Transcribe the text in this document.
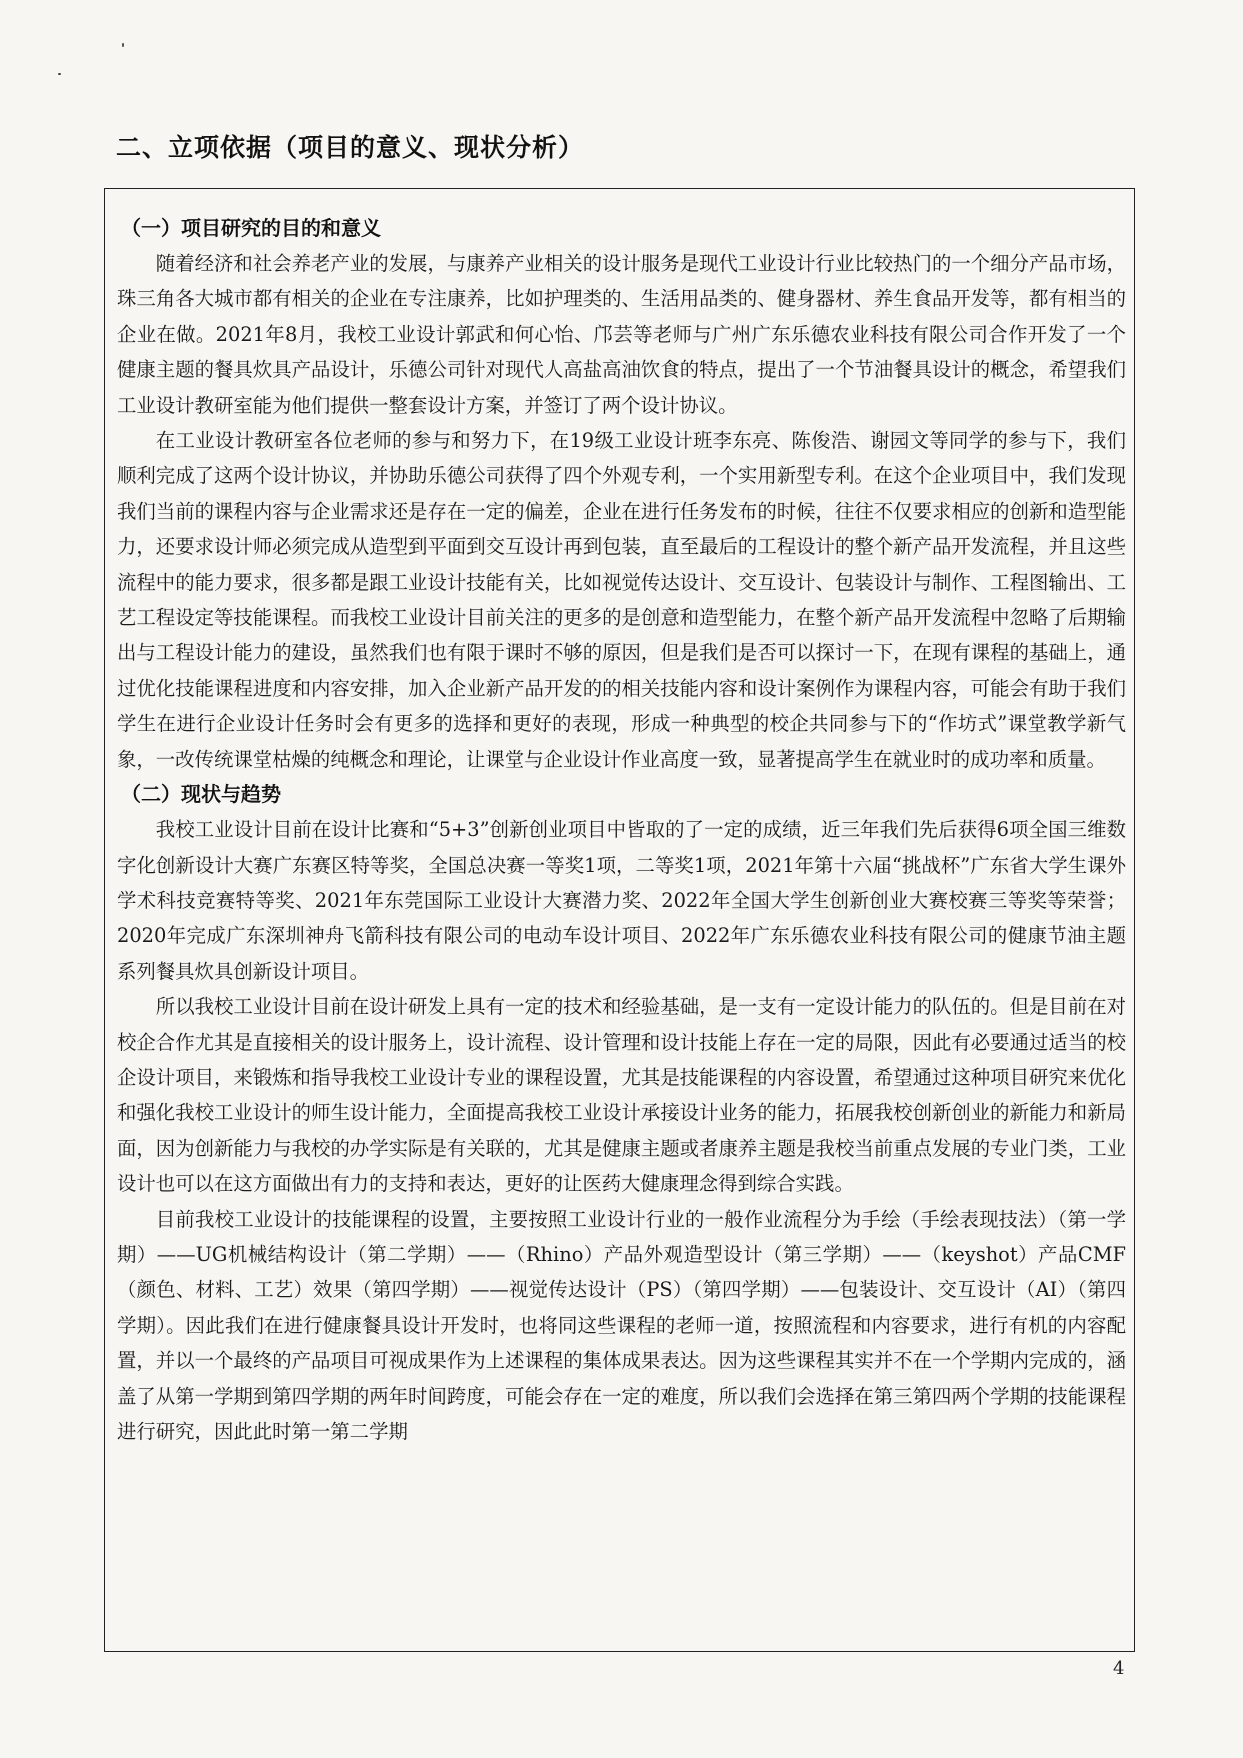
二、立项依据（项目的意义、现状分析）
（一）项目研究的目的和意义

随着经济和社会养老产业的发展，与康养产业相关的设计服务是现代工业设计行业比较热门的一个细分产品市场，珠三角各大城市都有相关的企业在专注康养，比如护理类的、生活用品类的、健身器材、养生食品开发等，都有相当的企业在做。2021年8月，我校工业设计郭武和何心怡、邝芸等老师与广州广东乐德农业科技有限公司合作开发了一个健康主题的餐具炊具产品设计，乐德公司针对现代人高盐高油饮食的特点，提出了一个节油餐具设计的概念，希望我们工业设计教研室能为他们提供一整套设计方案，并签订了两个设计协议。

在工业设计教研室各位老师的参与和努力下，在19级工业设计班李东亮、陈俊浩、谢园文等同学的参与下，我们顺利完成了这两个设计协议，并协助乐德公司获得了四个外观专利，一个实用新型专利。在这个企业项目中，我们发现我们当前的课程内容与企业需求还是存在一定的偏差，企业在进行任务发布的时候，往往不仅要求相应的创新和造型能力，还要求设计师必须完成从造型到平面到交互设计再到包装，直至最后的工程设计的整个新产品开发流程，并且这些流程中的能力要求，很多都是跟工业设计技能有关，比如视觉传达设计、交互设计、包装设计与制作、工程图输出、工艺工程设定等技能课程。而我校工业设计目前关注的更多的是创意和造型能力，在整个新产品开发流程中忽略了后期输出与工程设计能力的建设，虽然我们也有限于课时不够的原因，但是我们是否可以探讨一下，在现有课程的基础上，通过优化技能课程进度和内容安排，加入企业新产品开发的的相关技能内容和设计案例作为课程内容，可能会有助于我们学生在进行企业设计任务时会有更多的选择和更好的表现，形成一种典型的校企共同参与下的“作坊式”课堂教学新气象，一改传统课堂枯燥的纯概念和理论，让课堂与企业设计作业高度一致，显著提高学生在就业时的成功率和质量。

（二）现状与趋势

我校工业设计目前在设计比赛和“5+3”创新创业项目中皆取的了一定的成绩，近三年我们先后获得6项全国三维数字化创新设计大赛广东赛区特等奖，全国总决赛一等奖1项，二等奖1项，2021年第十六届“挑战杯”广东省大学生课外学术科技竞赛特等奖、2021年东莞国际工业设计大赛潜力奖、2022年全国大学生创新创业大赛校赛三等奖等荣誉；2020年完成广东深圳神舟飞箭科技有限公司的电动车设计项目、2022年广东乐德农业科技有限公司的健康节油主题系列餐具炊具创新设计项目。

所以我校工业设计目前在设计研发上具有一定的技术和经验基础，是一支有一定设计能力的队伍的。但是目前在对校企合作尤其是直接相关的设计服务上，设计流程、设计管理和设计技能上存在一定的局限，因此有必要通过适当的校企设计项目，来锻炼和指导我校工业设计专业的课程设置，尤其是技能课程的内容设置，希望通过这种项目研究来优化和强化我校工业设计的师生设计能力，全面提高我校工业设计承接设计业务的能力，拓展我校创新创业的新能力和新局面，因为创新能力与我校的办学实际是有关联的，尤其是健康主题或者康养主题是我校当前重点发展的专业门类，工业设计也可以在这方面做出有力的支持和表达，更好的让医药大健康理念得到综合实践。

目前我校工业设计的技能课程的设置，主要按照工业设计行业的一般作业流程分为手绘（手绘表现技法）（第一学期）——UG机械结构设计（第二学期）——（Rhino）产品外观造型设计（第三学期）——（keyshot）产品CMF（颜色、材料、工艺）效果（第四学期）——视觉传达设计（PS）（第四学期）——包装设计、交互设计（AI）（第四学期）。因此我们在进行健康餐具设计开发时，也将同这些课程的老师一道，按照流程和内容要求，进行有机的内容配置，并以一个最终的产品项目可视成果作为上述课程的集体成果表达。因为这些课程其实并不在一个学期内完成的，涵盖了从第一学期到第四学期的两年时间跨度，可能会存在一定的难度，所以我们会选择在第三第四两个学期的技能课程进行研究，因此此时第一第二学期

4
